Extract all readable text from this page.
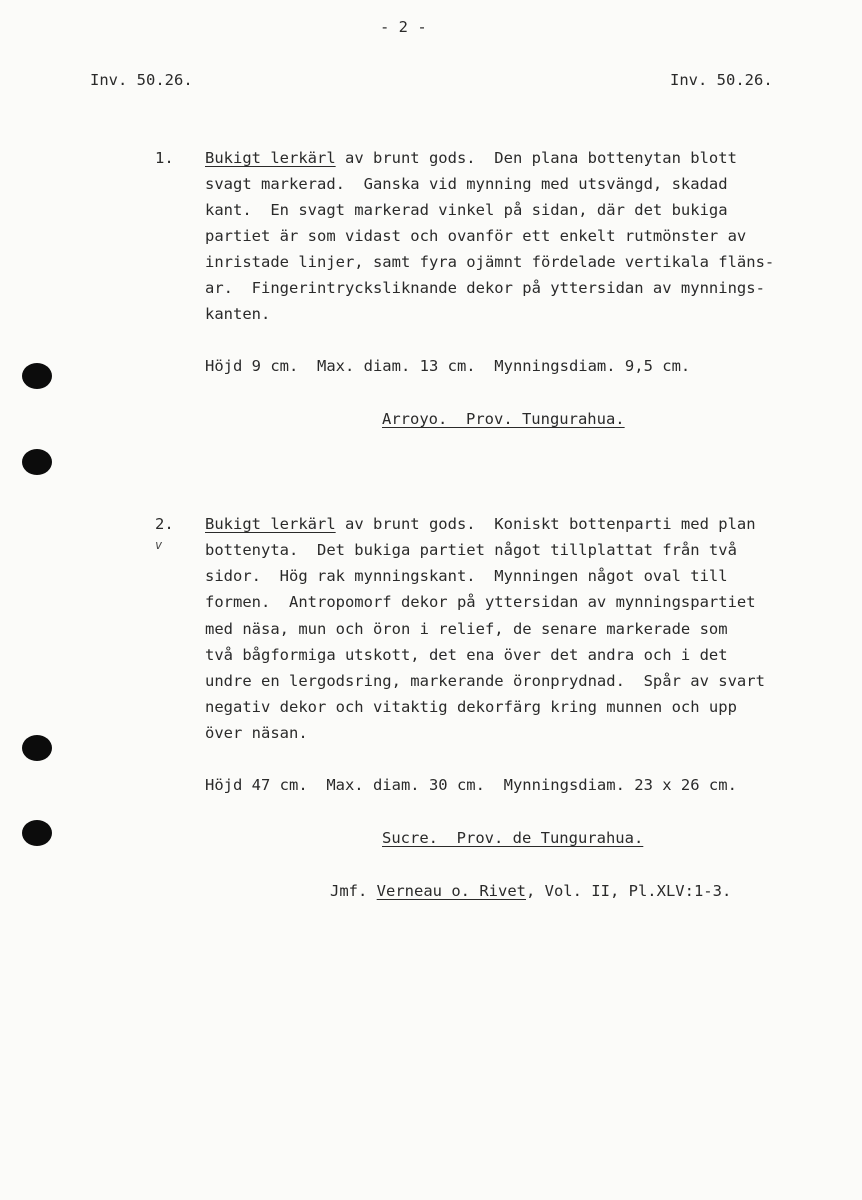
- 2 -
Inv. 50.26.	Inv. 50.26.
1. Bukigt lerkärl av brunt gods.  Den plana bottenytan blott
svagt markerad.  Ganska vid mynning med utsvängd, skadad
kant.  En svagt markerad vinkel på sidan, där det bukiga
partiet är som vidast och ovanför ett enkelt rutmönster av
inristade linjer, samt fyra ojämnt fördelade vertikala fläns-
ar.  Fingerintrycksliknande dekor på yttersidan av mynnings-
kanten.
Höjd 9 cm.  Max. diam. 13 cm.  Mynningsdiam. 9,5 cm.
Arroyo.  Prov. Tungurahua.
2.
v
Bukigt lerkärl av brunt gods.  Koniskt bottenparti med plan
bottenyta.  Det bukiga partiet något tillplattat från två
sidor.  Hög rak mynningskant.  Mynningen något oval till
formen.  Antropomorf dekor på yttersidan av mynningspartiet
med näsa, mun och öron i relief, de senare markerade som
två bågformiga utskott, det ena över det andra och i det
undre en lergodsring, markerande öronprydnad.  Spår av svart
negativ dekor och vitaktig dekorfärg kring munnen och upp
över näsan.
Höjd 47 cm.  Max. diam. 30 cm.  Mynningsdiam. 23 x 26 cm.
Sucre.  Prov. de Tungurahua.
Jmf. Verneau o. Rivet, Vol. II, Pl.XLV:1-3.
